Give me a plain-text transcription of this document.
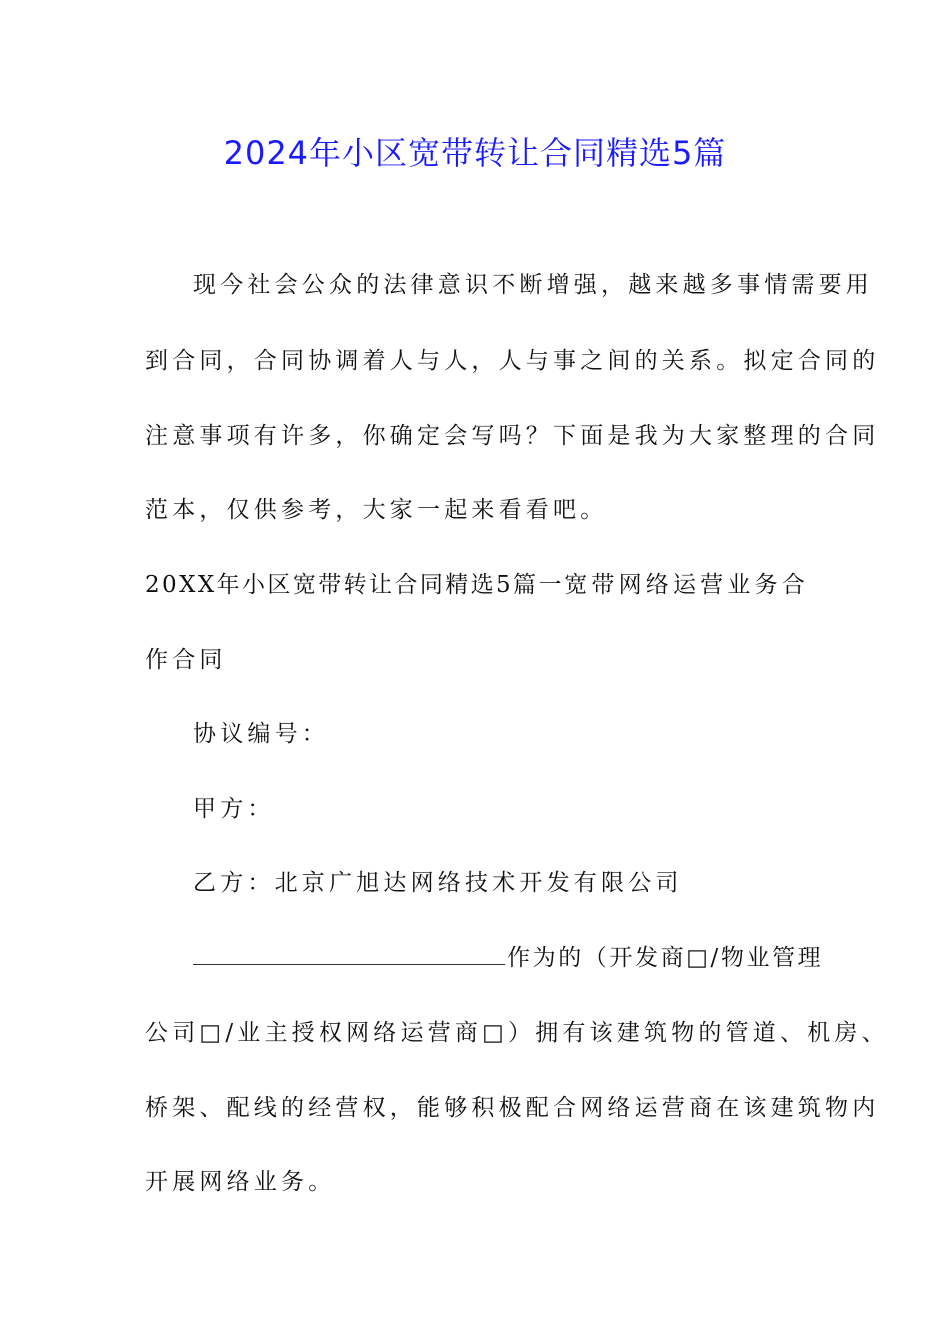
2024年小区宽带转让合同精选5篇
现今社会公众的法律意识不断增强，越来越多事情需要用
到合同，合同协调着人与人，人与事之间的关系。拟定合同的
注意事项有许多，你确定会写吗？下面是我为大家整理的合同
范本，仅供参考，大家一起来看看吧。
20XX年小区宽带转让合同精选5篇一 宽带网络运营业务合
作合同
协议编号：
甲方：
乙方：北京广旭达网络技术开发有限公司
作为的（开发商□/物业管理
公司□/业主授权网络运营商□）拥有该建筑物的管道、机房、
桥架、配线的经营权，能够积极配合网络运营商在该建筑物内
开展网络业务。
